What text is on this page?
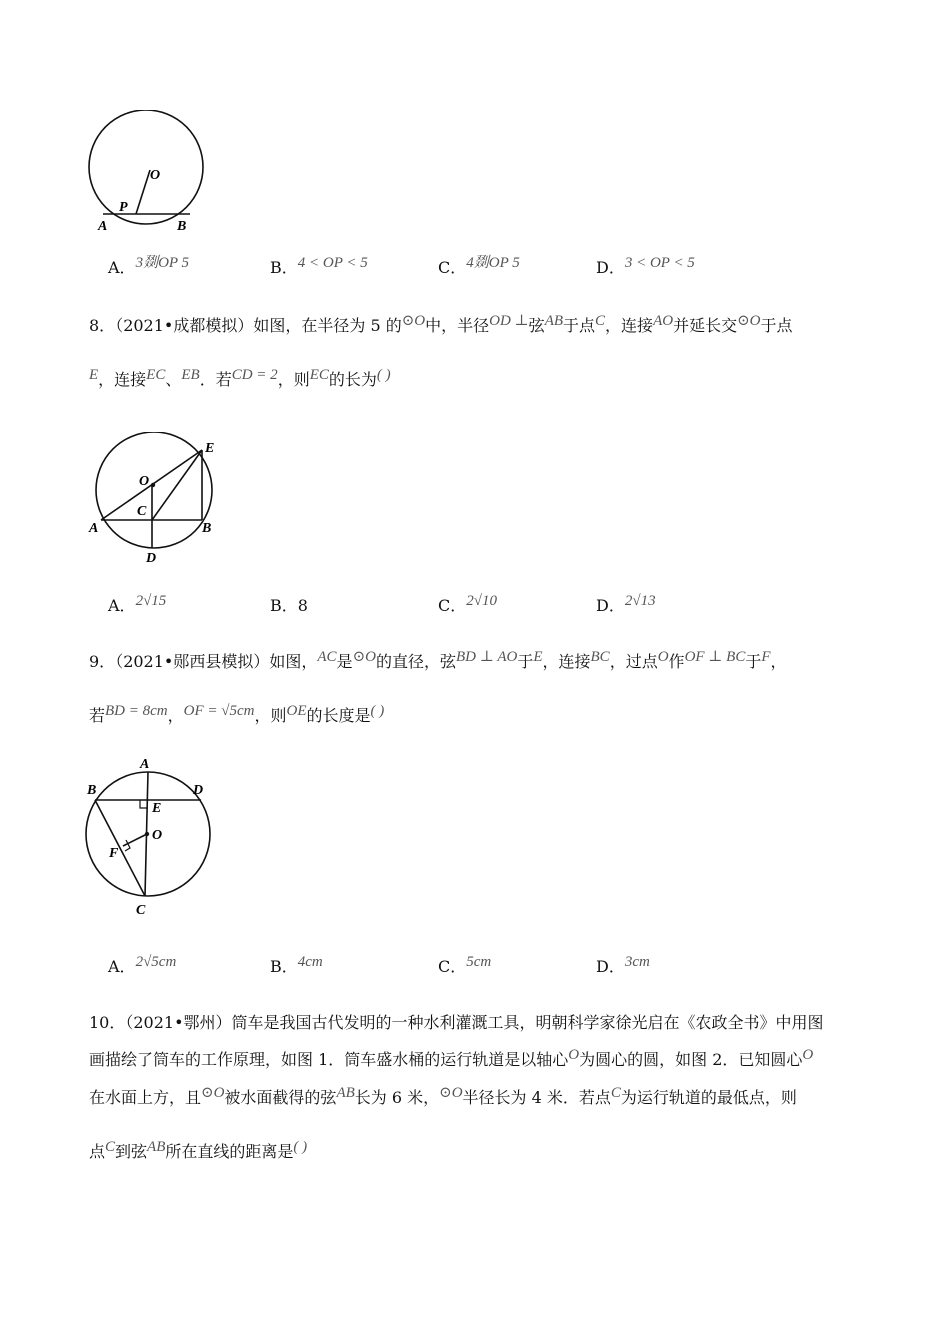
O
P
A	B
A．3剟OP 5	B．4 < OP < 5	C．4剟OP 5	D．3 < OP < 5
8．（2021•成都模拟）如图，在半径为 5 的⊙O中，半径OD ⊥弦AB于点C，连接AO并延长交⊙O于点
E，连接EC、EB．若CD = 2，则EC的长为( )
E
O
C
A	B
D
A．2√15	B．8	C．2√10	D．2√13
9．（2021•郧西县模拟）如图，AC是⊙O的直径，弦BD ⊥ AO于E，连接BC，过点O作OF ⊥ BC于F，
若BD = 8cm，OF = √5cm，则OE的长度是( )
A
B	D
E
O
F
C
A．2√5cm	B．4cm	C．5cm	D．3cm
10．（2021•鄂州）筒车是我国古代发明的一种水利灌溉工具，明朝科学家徐光启在《农政全书》中用图
画描绘了筒车的工作原理，如图 1．筒车盛水桶的运行轨道是以轴心O为圆心的圆，如图 2．已知圆心O
在水面上方，且⊙O被水面截得的弦AB长为 6 米，⊙O半径长为 4 米．若点C为运行轨道的最低点，则
点C到弦AB所在直线的距离是( )
